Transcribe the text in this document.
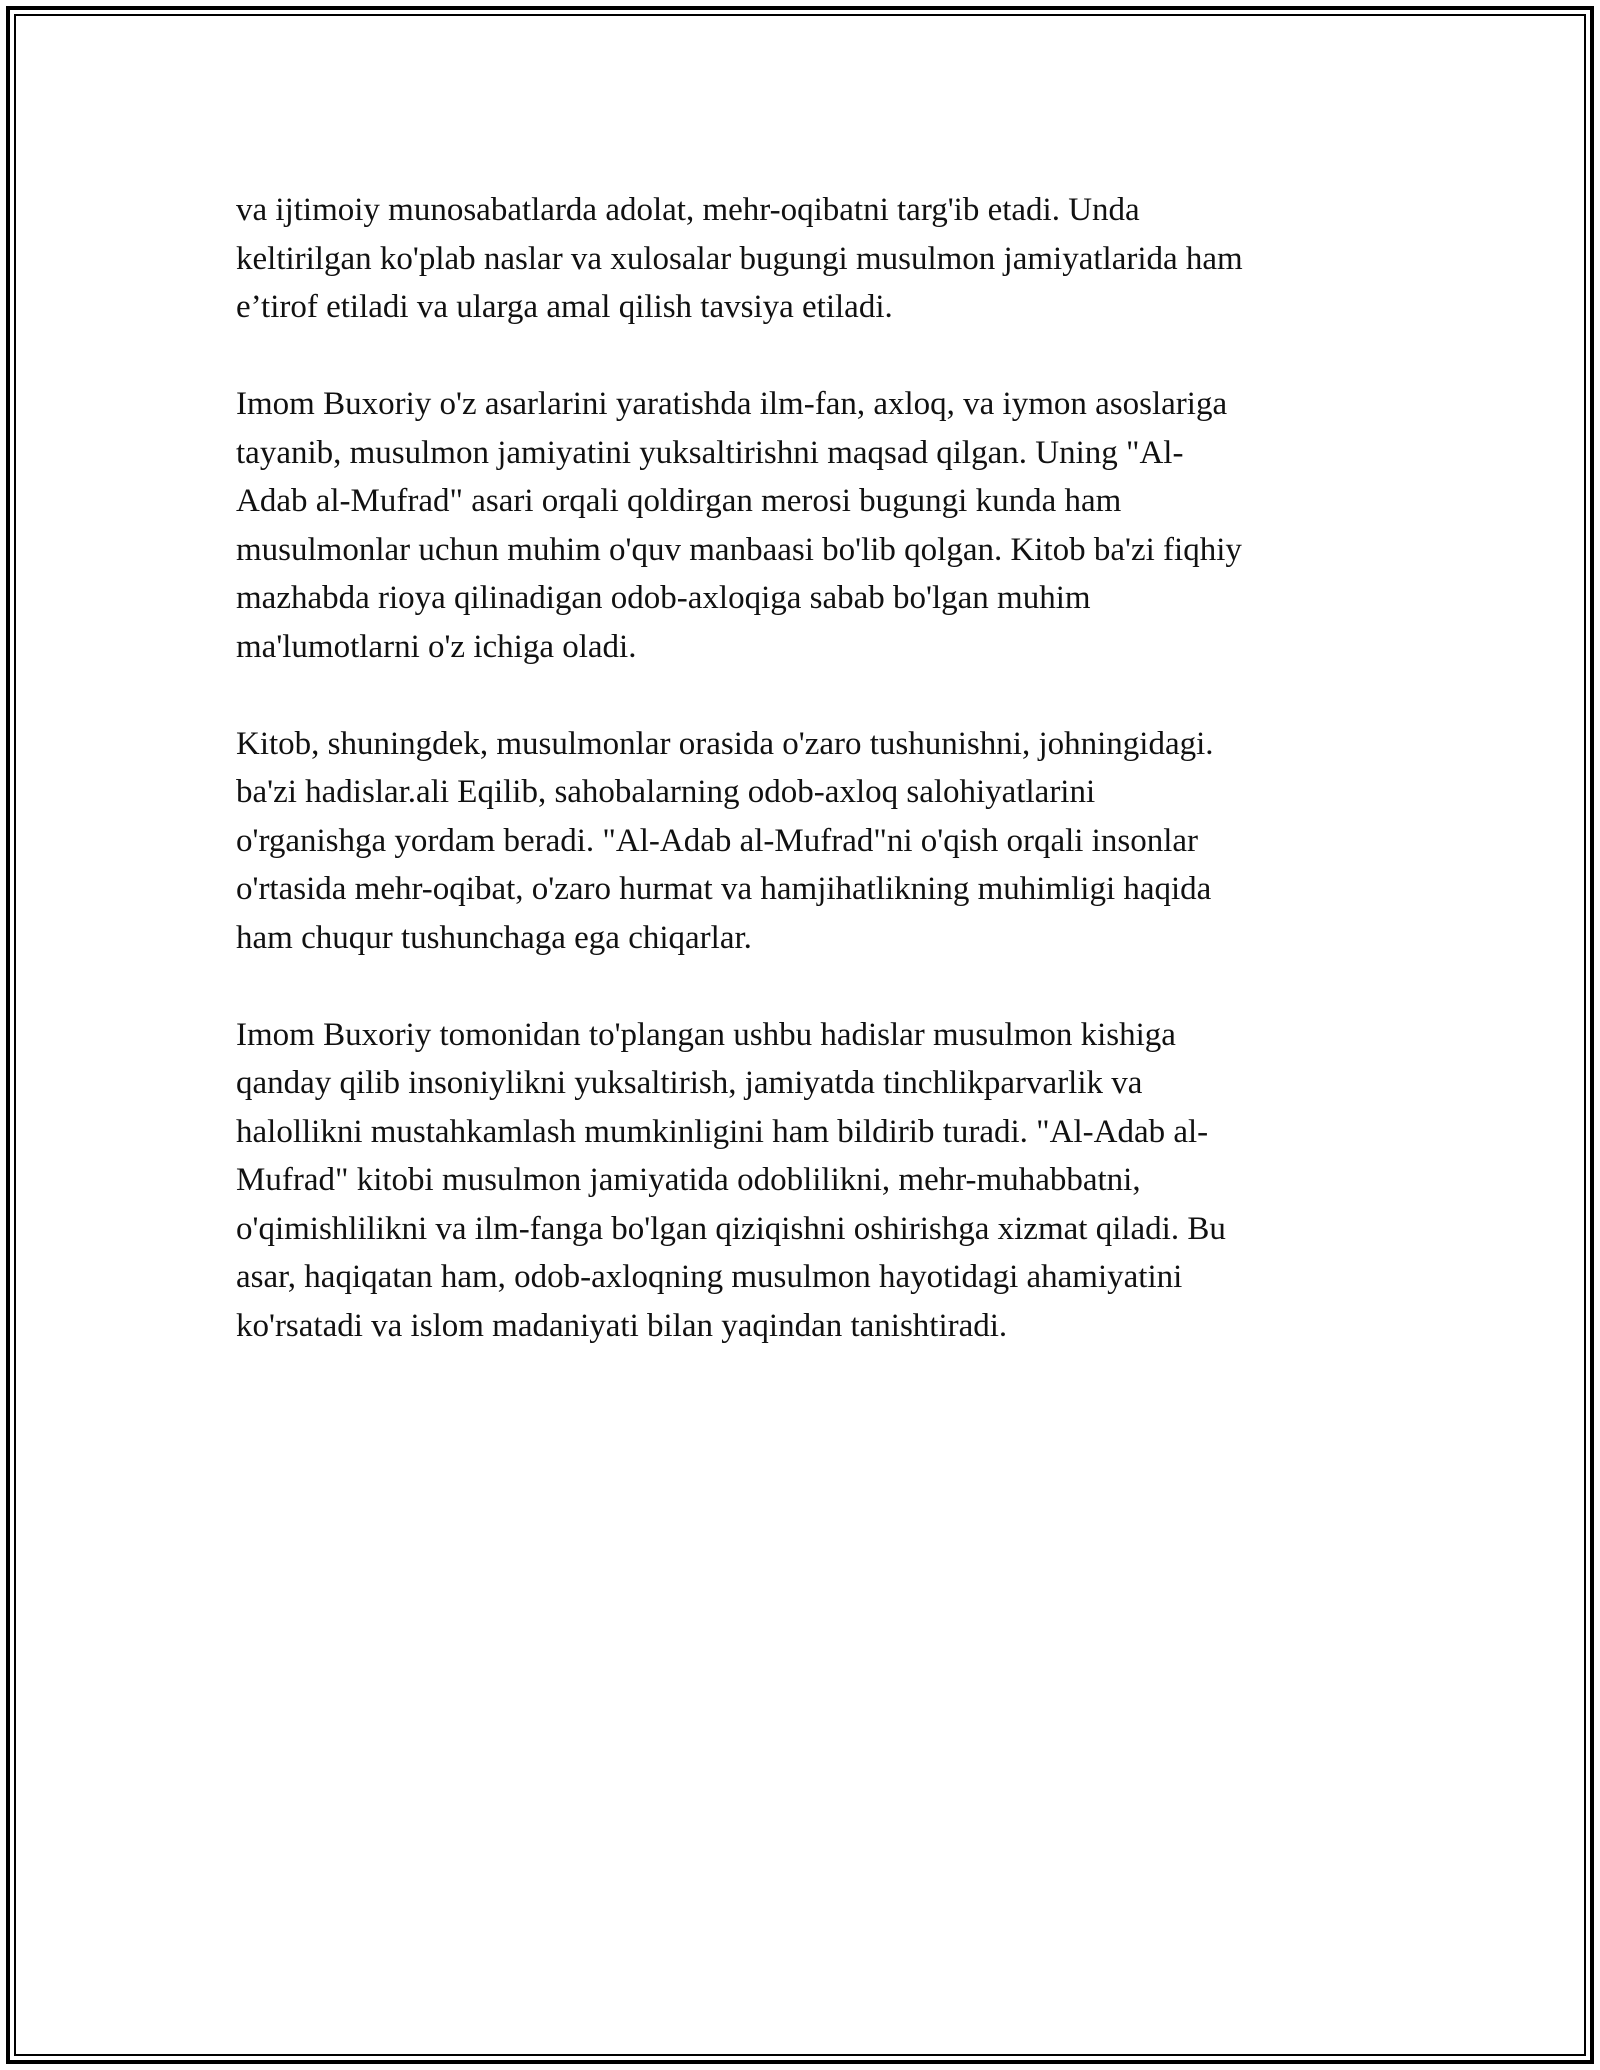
va ijtimoiy munosabatlarda adolat, mehr-oqibatni targ'ib etadi. Unda
keltirilgan ko'plab naslar va xulosalar bugungi musulmon jamiyatlarida ham
e’tirof etiladi va ularga amal qilish tavsiya etiladi.

Imom Buxoriy o'z asarlarini yaratishda ilm-fan, axloq, va iymon asoslariga
tayanib, musulmon jamiyatini yuksaltirishni maqsad qilgan. Uning "Al-
Adab al-Mufrad" asari orqali qoldirgan merosi bugungi kunda ham
musulmonlar uchun muhim o'quv manbaasi bo'lib qolgan. Kitob ba'zi fiqhiy
mazhabda rioya qilinadigan odob-axloqiga sabab bo'lgan muhim
ma'lumotlarni o'z ichiga oladi.

Kitob, shuningdek, musulmonlar orasida o'zaro tushunishni, johningidagi.
ba'zi hadislar.ali Eqilib, sahobalarning odob-axloq salohiyatlarini
o'rganishga yordam beradi. "Al-Adab al-Mufrad"ni o'qish orqali insonlar
o'rtasida mehr-oqibat, o'zaro hurmat va hamjihatlikning muhimligi haqida
ham chuqur tushunchaga ega chiqarlar.

Imom Buxoriy tomonidan to'plangan ushbu hadislar musulmon kishiga
qanday qilib insoniylikni yuksaltirish, jamiyatda tinchlikparvarlik va
halollikni mustahkamlash mumkinligini ham bildirib turadi. "Al-Adab al-
Mufrad" kitobi musulmon jamiyatida odoblilikni, mehr-muhabbatni,
o'qimishlilikni va ilm-fanga bo'lgan qiziqishni oshirishga xizmat qiladi. Bu
asar, haqiqatan ham, odob-axloqning musulmon hayotidagi ahamiyatini
ko'rsatadi va islom madaniyati bilan yaqindan tanishtiradi.
